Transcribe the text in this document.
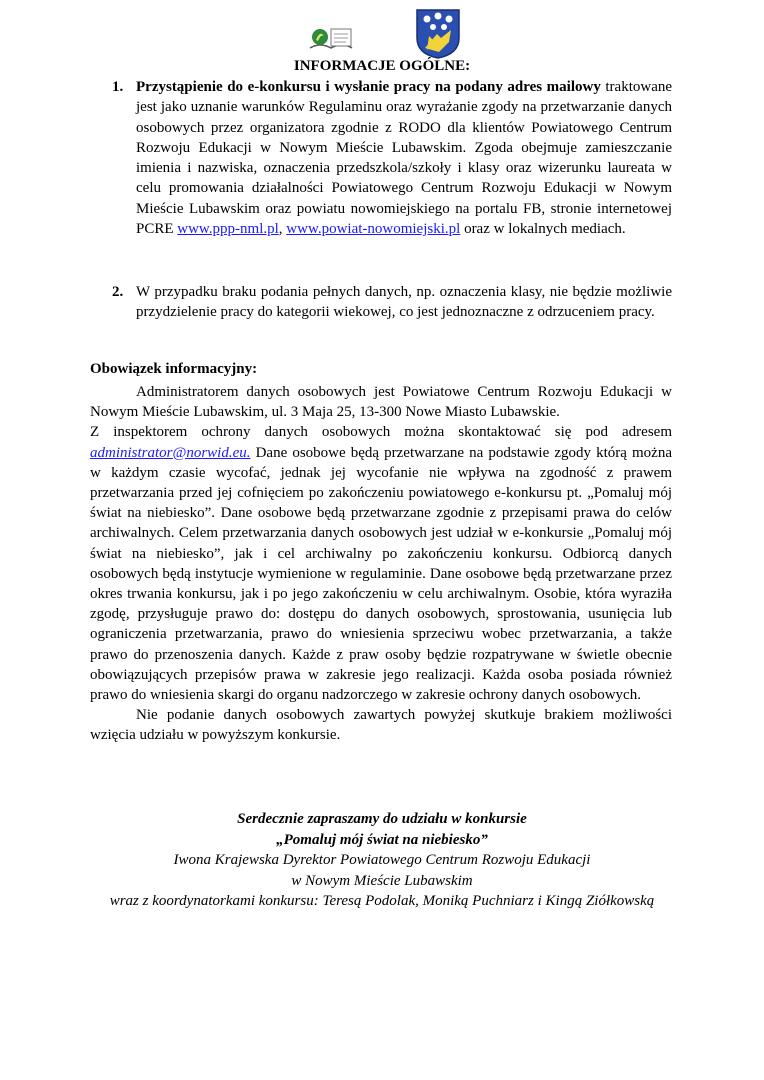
INFORMACJE OGÓLNE:
1. Przystąpienie do e-konkursu i wysłanie pracy na podany adres mailowy traktowane jest jako uznanie warunków Regulaminu oraz wyrażanie zgody na przetwarzanie danych osobowych przez organizatora zgodnie z RODO dla klientów Powiatowego Centrum Rozwoju Edukacji w Nowym Mieście Lubawskim. Zgoda obejmuje zamieszczanie imienia i nazwiska, oznaczenia przedszkola/szkoły i klasy oraz wizerunku laureata w celu promowania działalności Powiatowego Centrum Rozwoju Edukacji w Nowym Mieście Lubawskim oraz powiatu nowomiejskiego na portalu FB, stronie internetowej PCRE www.ppp-nml.pl, www.powiat-nowomiejski.pl oraz w lokalnych mediach.
2. W przypadku braku podania pełnych danych, np. oznaczenia klasy, nie będzie możliwie przydzielenie pracy do kategorii wiekowej, co jest jednoznaczne z odrzuceniem pracy.
Obowiązek informacyjny:

Administratorem danych osobowych jest Powiatowe Centrum Rozwoju Edukacji w Nowym Mieście Lubawskim, ul. 3 Maja 25, 13-300 Nowe Miasto Lubawskie.

Z inspektorem ochrony danych osobowych można skontaktować się pod adresem administrator@norwid.eu. Dane osobowe będą przetwarzane na podstawie zgody którą można w każdym czasie wycofać, jednak jej wycofanie nie wpływa na zgodność z prawem przetwarzania przed jej cofnięciem po zakończeniu powiatowego e-konkursu pt. „Pomaluj mój świat na niebiesko”. Dane osobowe będą przetwarzane zgodnie z przepisami prawa do celów archiwalnych. Celem przetwarzania danych osobowych jest udział w e-konkursie „Pomaluj mój świat na niebiesko”, jak i cel archiwalny po zakończeniu konkursu. Odbiorcą danych osobowych będą instytucje wymienione w regulaminie. Dane osobowe będą przetwarzane przez okres trwania konkursu, jak i po jego zakończeniu w celu archiwalnym. Osobie, która wyraziła zgodę, przysługuje prawo do: dostępu do danych osobowych, sprostowania, usunięcia lub ograniczenia przetwarzania, prawo do wniesienia sprzeciwu wobec przetwarzania, a także prawo do przenoszenia danych. Każde z praw osoby będzie rozpatrywane w świetle obecnie obowiązujących przepisów prawa w zakresie jego realizacji. Każda osoba posiada również prawo do wniesienia skargi do organu nadzorczego w zakresie ochrony danych osobowych.

Nie podanie danych osobowych zawartych powyżej skutkuje brakiem możliwości wzięcia udziału w powyższym konkursie.

Serdecznie zapraszamy do udziału w konkursie
„Pomaluj mój świat na niebiesko”
Iwona Krajewska Dyrektor Powiatowego Centrum Rozwoju Edukacji
w Nowym Mieście Lubawskim
wraz z koordynatorkami konkursu: Teresą Podolak, Moniką Puchniarz i Kingą Ziółkowską
